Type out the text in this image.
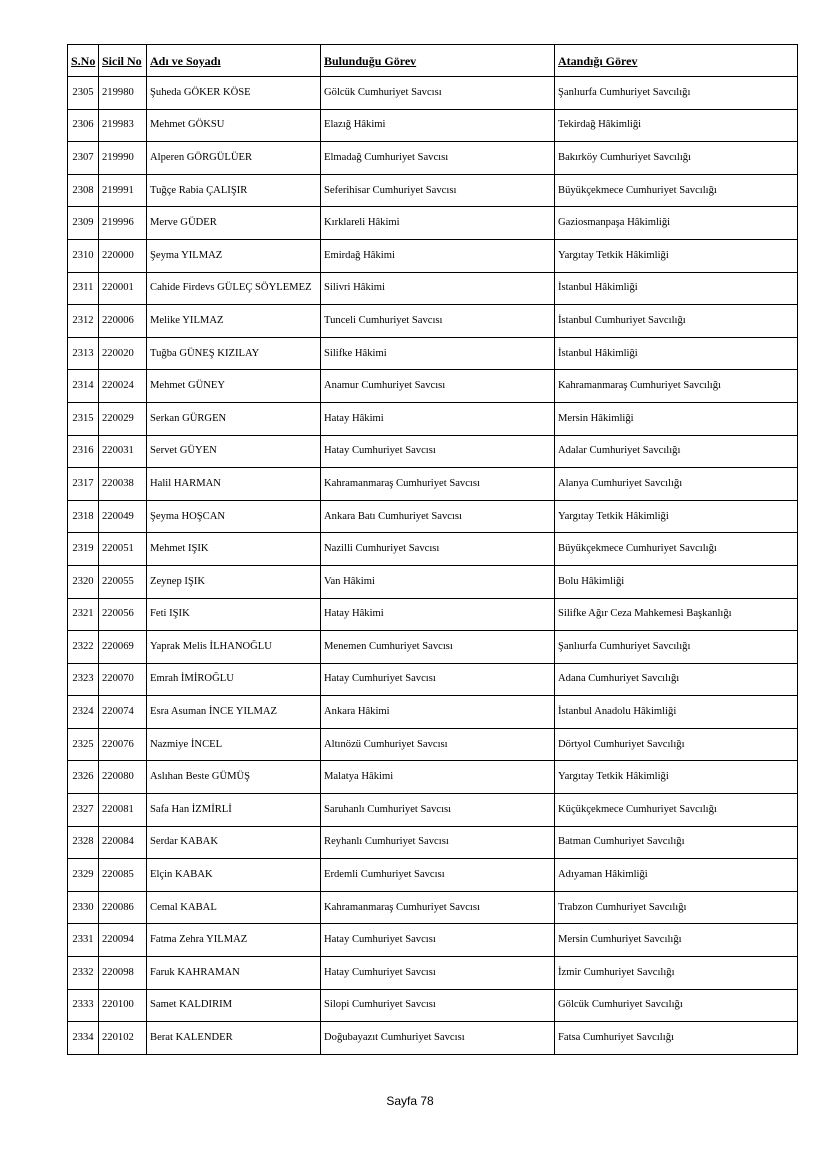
S.No	Sicil No	Adı ve Soyadı	Bulunduğu Görev	Atandığı Görev
2305	219980	Şuheda GÖKER KÖSE	Gölcük Cumhuriyet Savcısı	Şanlıurfa Cumhuriyet Savcılığı
2306	219983	Mehmet GÖKSU	Elazığ Hâkimi	Tekirdağ Hâkimliği
2307	219990	Alperen GÖRGÜLÜER	Elmadağ Cumhuriyet Savcısı	Bakırköy Cumhuriyet Savcılığı
2308	219991	Tuğçe Rabia ÇALIŞIR	Seferihisar Cumhuriyet Savcısı	Büyükçekmece Cumhuriyet Savcılığı
2309	219996	Merve GÜDER	Kırklareli Hâkimi	Gaziosmanpaşa Hâkimliği
2310	220000	Şeyma YILMAZ	Emirdağ Hâkimi	Yargıtay Tetkik Hâkimliği
2311	220001	Cahide Firdevs GÜLEÇ SÖYLEMEZ	Silivri Hâkimi	İstanbul Hâkimliği
2312	220006	Melike YILMAZ	Tunceli Cumhuriyet Savcısı	İstanbul Cumhuriyet Savcılığı
2313	220020	Tuğba GÜNEŞ KIZILAY	Silifke Hâkimi	İstanbul Hâkimliği
2314	220024	Mehmet GÜNEY	Anamur Cumhuriyet Savcısı	Kahramanmaraş Cumhuriyet Savcılığı
2315	220029	Serkan GÜRGEN	Hatay Hâkimi	Mersin Hâkimliği
2316	220031	Servet GÜYEN	Hatay Cumhuriyet Savcısı	Adalar Cumhuriyet Savcılığı
2317	220038	Halil HARMAN	Kahramanmaraş Cumhuriyet Savcısı	Alanya Cumhuriyet Savcılığı
2318	220049	Şeyma HOŞCAN	Ankara Batı Cumhuriyet Savcısı	Yargıtay Tetkik Hâkimliği
2319	220051	Mehmet IŞIK	Nazilli Cumhuriyet Savcısı	Büyükçekmece Cumhuriyet Savcılığı
2320	220055	Zeynep IŞIK	Van Hâkimi	Bolu Hâkimliği
2321	220056	Feti IŞIK	Hatay Hâkimi	Silifke Ağır Ceza Mahkemesi Başkanlığı
2322	220069	Yaprak Melis İLHANOĞLU	Menemen Cumhuriyet Savcısı	Şanlıurfa Cumhuriyet Savcılığı
2323	220070	Emrah İMİROĞLU	Hatay Cumhuriyet Savcısı	Adana Cumhuriyet Savcılığı
2324	220074	Esra Asuman İNCE YILMAZ	Ankara Hâkimi	İstanbul Anadolu Hâkimliği
2325	220076	Nazmiye İNCEL	Altınözü Cumhuriyet Savcısı	Dörtyol Cumhuriyet Savcılığı
2326	220080	Aslıhan Beste GÜMÜŞ	Malatya Hâkimi	Yargıtay Tetkik Hâkimliği
2327	220081	Safa Han İZMİRLİ	Saruhanlı Cumhuriyet Savcısı	Küçükçekmece Cumhuriyet Savcılığı
2328	220084	Serdar KABAK	Reyhanlı Cumhuriyet Savcısı	Batman Cumhuriyet Savcılığı
2329	220085	Elçin KABAK	Erdemli Cumhuriyet Savcısı	Adıyaman Hâkimliği
2330	220086	Cemal KABAL	Kahramanmaraş Cumhuriyet Savcısı	Trabzon Cumhuriyet Savcılığı
2331	220094	Fatma Zehra YILMAZ	Hatay Cumhuriyet Savcısı	Mersin Cumhuriyet Savcılığı
2332	220098	Faruk KAHRAMAN	Hatay Cumhuriyet Savcısı	İzmir Cumhuriyet Savcılığı
2333	220100	Samet KALDIRIM	Silopi Cumhuriyet Savcısı	Gölcük Cumhuriyet Savcılığı
2334	220102	Berat KALENDER	Doğubayazıt Cumhuriyet Savcısı	Fatsa Cumhuriyet Savcılığı
Sayfa 78
